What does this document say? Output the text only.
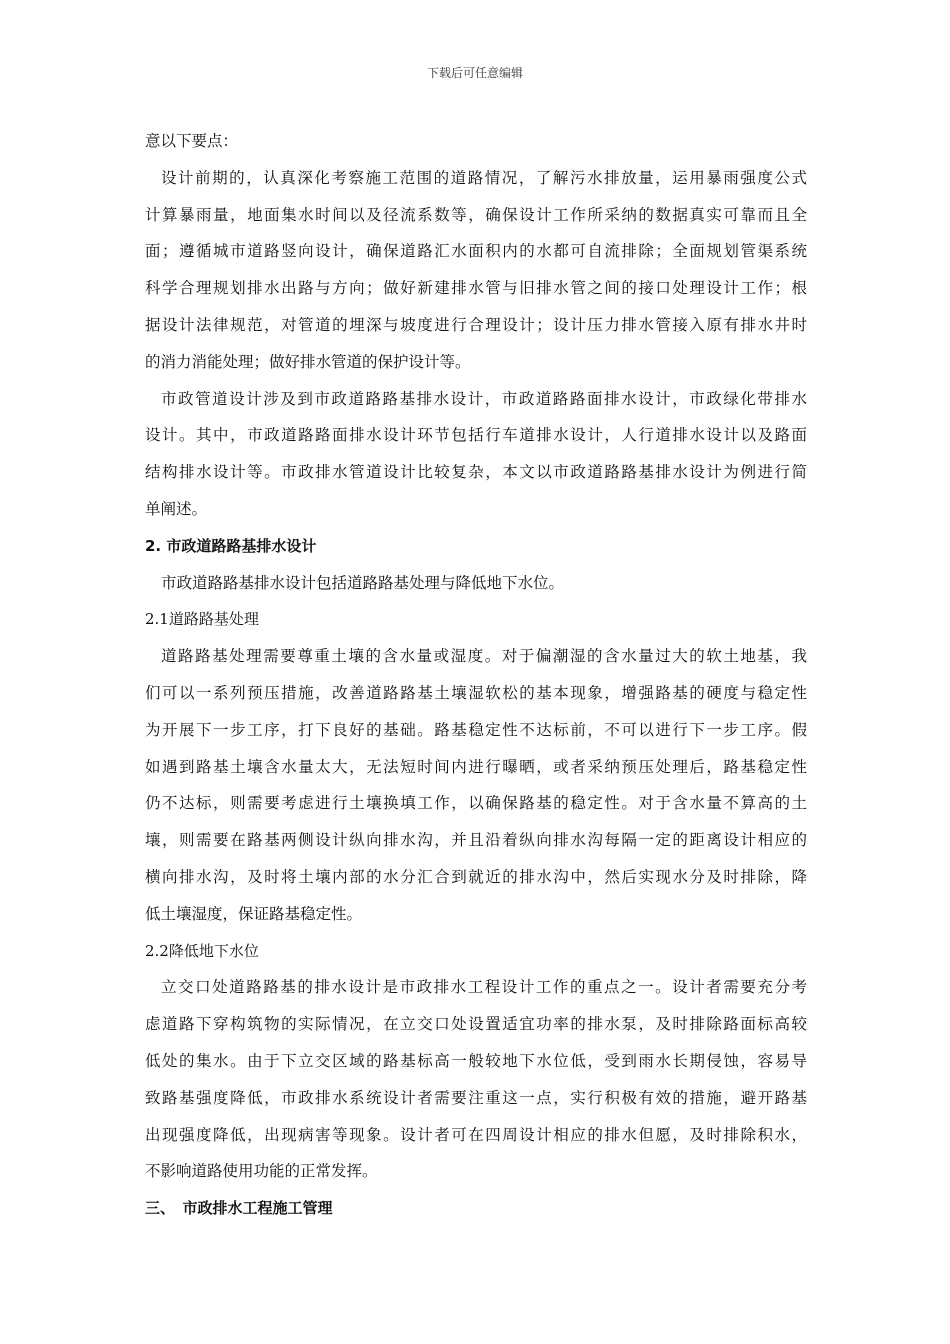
下载后可任意编辑
意以下要点：
设计前期的，认真深化考察施工范围的道路情况，了解污水排放量，运用暴雨强度公式
计算暴雨量，地面集水时间以及径流系数等，确保设计工作所采纳的数据真实可靠而且全
面；遵循城市道路竖向设计，确保道路汇水面积内的水都可自流排除；全面规划管渠系统
科学合理规划排水出路与方向；做好新建排水管与旧排水管之间的接口处理设计工作；根
据设计法律规范，对管道的埋深与坡度进行合理设计；设计压力排水管接入原有排水井时
的消力消能处理；做好排水管道的保护设计等。
市政管道设计涉及到市政道路路基排水设计，市政道路路面排水设计，市政绿化带排水
设计。其中，市政道路路面排水设计环节包括行车道排水设计，人行道排水设计以及路面
结构排水设计等。市政排水管道设计比较复杂，本文以市政道路路基排水设计为例进行简
单阐述。
2. 市政道路路基排水设计
市政道路路基排水设计包括道路路基处理与降低地下水位。
2.1道路路基处理
道路路基处理需要尊重土壤的含水量或湿度。对于偏潮湿的含水量过大的软土地基，我
们可以一系列预压措施，改善道路路基土壤湿软松的基本现象，增强路基的硬度与稳定性
为开展下一步工序，打下良好的基础。路基稳定性不达标前，不可以进行下一步工序。假
如遇到路基土壤含水量太大，无法短时间内进行曝晒，或者采纳预压处理后，路基稳定性
仍不达标，则需要考虑进行土壤换填工作，以确保路基的稳定性。对于含水量不算高的土
壤，则需要在路基两侧设计纵向排水沟，并且沿着纵向排水沟每隔一定的距离设计相应的
横向排水沟，及时将土壤内部的水分汇合到就近的排水沟中，然后实现水分及时排除，降
低土壤湿度，保证路基稳定性。
2.2降低地下水位
立交口处道路路基的排水设计是市政排水工程设计工作的重点之一。设计者需要充分考
虑道路下穿构筑物的实际情况，在立交口处设置适宜功率的排水泵，及时排除路面标高较
低处的集水。由于下立交区域的路基标高一般较地下水位低，受到雨水长期侵蚀，容易导
致路基强度降低，市政排水系统设计者需要注重这一点，实行积极有效的措施，避开路基
出现强度降低，出现病害等现象。设计者可在四周设计相应的排水但愿，及时排除积水，
不影响道路使用功能的正常发挥。
三、　市政排水工程施工管理
